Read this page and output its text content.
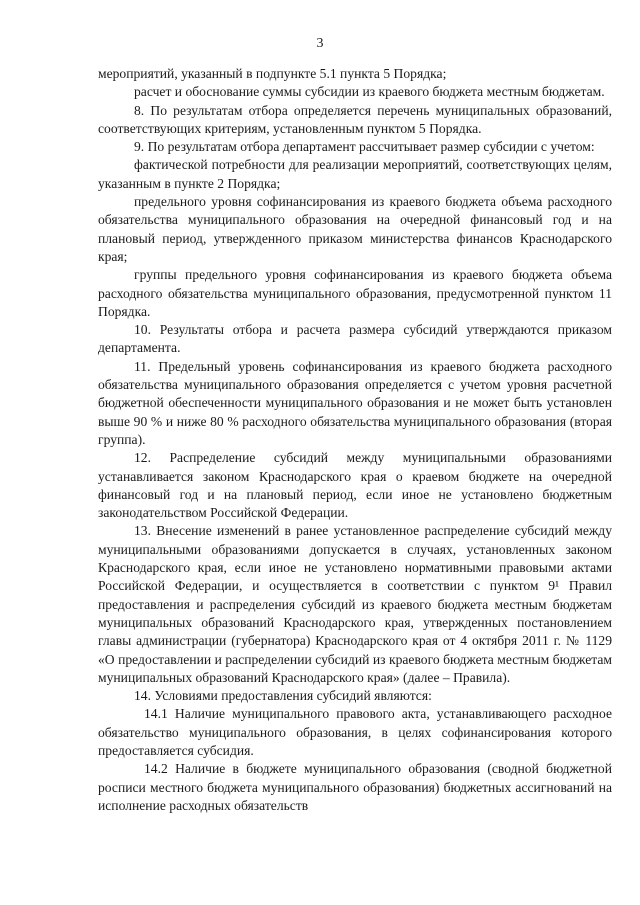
3

мероприятий, указанный в подпункте 5.1 пункта 5 Порядка;

расчет и обоснование суммы субсидии из краевого бюджета местным бюджетам.

8. По результатам отбора определяется перечень муниципальных образований, соответствующих критериям, установленным пунктом 5 Порядка.

9. По результатам отбора департамент рассчитывает размер субсидии с учетом:

фактической потребности для реализации мероприятий, соответствующих целям, указанным в пункте 2 Порядка;

предельного уровня софинансирования из краевого бюджета объема расходного обязательства муниципального образования на очередной финансовый год и на плановый период, утвержденного приказом министерства финансов Краснодарского края;

группы предельного уровня софинансирования из краевого бюджета объема расходного обязательства муниципального образования, предусмотренной пунктом 11 Порядка.

10. Результаты отбора и расчета размера субсидий утверждаются приказом департамента.

11. Предельный уровень софинансирования из краевого бюджета расходного обязательства муниципального образования определяется с учетом уровня расчетной бюджетной обеспеченности муниципального образования и не может быть установлен выше 90 % и ниже 80 % расходного обязательства муниципального образования (вторая группа).

12. Распределение субсидий между муниципальными образованиями устанавливается законом Краснодарского края о краевом бюджете на очередной финансовый год и на плановый период, если иное не установлено бюджетным законодательством Российской Федерации.

13. Внесение изменений в ранее установленное распределение субсидий между муниципальными образованиями допускается в случаях, установленных законом Краснодарского края, если иное не установлено нормативными правовыми актами Российской Федерации, и осуществляется в соответствии с пунктом 9¹ Правил предоставления и распределения субсидий из краевого бюджета местным бюджетам муниципальных образований Краснодарского края, утвержденных постановлением главы администрации (губернатора) Краснодарского края от 4 октября 2011 г. № 1129 «О предоставлении и распределении субсидий из краевого бюджета местным бюджетам муниципальных образований Краснодарского края» (далее – Правила).

14. Условиями предоставления субсидий являются:

14.1 Наличие муниципального правового акта, устанавливающего расходное обязательство муниципального образования, в целях софинансирования которого предоставляется субсидия.

14.2 Наличие в бюджете муниципального образования (сводной бюджетной росписи местного бюджета муниципального образования) бюджетных ассигнований на исполнение расходных обязательств
